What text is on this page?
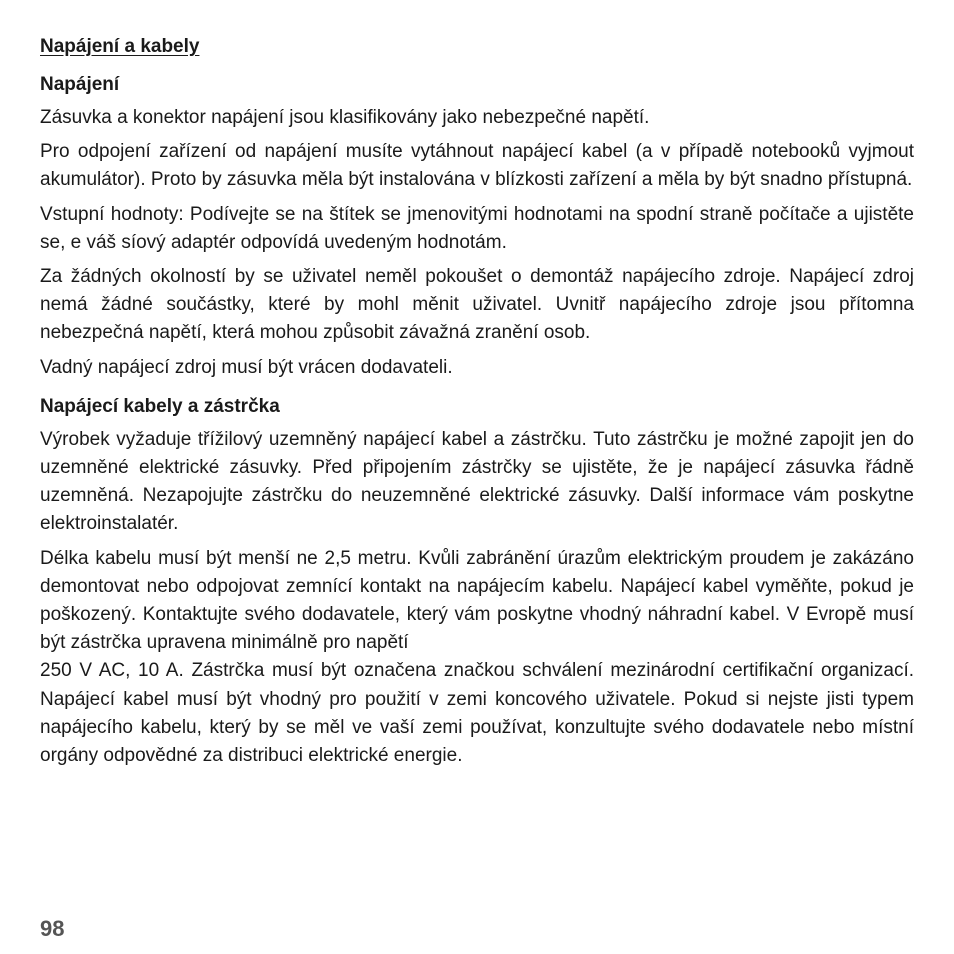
Napájení a kabely
Napájení

Zásuvka a konektor napájení jsou klasifikovány jako nebezpečné napětí.

Pro odpojení zařízení od napájení musíte vytáhnout napájecí kabel (a v případě notebooků vyjmout akumulátor). Proto by zásuvka měla být instalována v blízkosti zařízení a měla by být snadno přístupná.

Vstupní hodnoty: Podívejte se na štítek se jmenovitými hodnotami na spodní straně počítače a ujistěte se, e váš síový adaptér odpovídá uvedeným hodnotám.

Za žádných okolností by se uživatel neměl pokoušet o demontáž napájecího zdroje. Napájecí zdroj nemá žádné součástky, které by mohl měnit uživatel. Uvnitř napájecího zdroje jsou přítomna nebezpečná napětí, která mohou způsobit závažná zranění osob.

Vadný napájecí zdroj musí být vrácen dodavateli.

Napájecí kabely a zástrčka

Výrobek vyžaduje třížilový uzemněný napájecí kabel a zástrčku. Tuto zástrčku je možné zapojit jen do uzemněné elektrické zásuvky. Před připojením zástrčky se ujistěte, že je napájecí zásuvka řádně uzemněná. Nezapojujte zástrčku do neuzemněné elektrické zásuvky. Další informace vám poskytne elektroinstalatér.

Délka kabelu musí být menší ne 2,5 metru. Kvůli zabránění úrazům elektrickým proudem je zakázáno demontovat nebo odpojovat zemnící kontakt na napájecím kabelu. Napájecí kabel vyměňte, pokud je poškozený. Kontaktujte svého dodavatele, který vám poskytne vhodný náhradní kabel. V Evropě musí být zástrčka upravena minimálně pro napětí
250 V AC, 10 A. Zástrčka musí být označena značkou schválení mezinárodní certifikační organizací. Napájecí kabel musí být vhodný pro použití v zemi koncového uživatele. Pokud si nejste jisti typem napájecího kabelu, který by se měl ve vaší zemi používat, konzultujte svého dodavatele nebo místní orgány odpovědné za distribuci elektrické energie.

98
